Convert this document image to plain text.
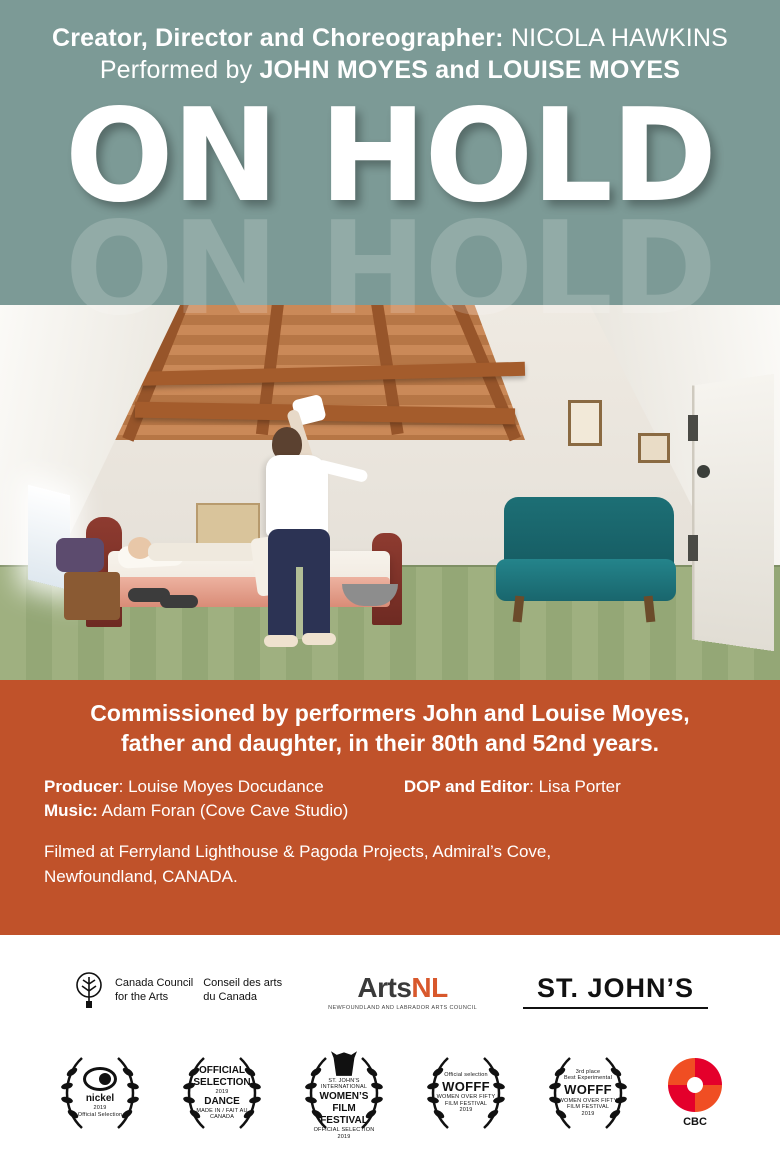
Creator, Director and Choreographer: NICOLA HAWKINS
Performed by JOHN MOYES and LOUISE MOYES
ON HOLD
Commissioned by performers John and Louise Moyes,
father and daughter, in their 80th and 52nd years.
Producer: Louise Moyes Docudance
Music: Adam Foran (Cove Cave Studio)
DOP and Editor: Lisa Porter
Filmed at Ferryland Lighthouse & Pagoda Projects, Admiral’s Cove,
Newfoundland, CANADA.
Canada Council
for the Arts
Conseil des arts
du Canada	ArtsNL
NEWFOUNDLAND AND LABRADOR ARTS COUNCIL
ST. JOHN’S
nickel
2019
Official Selection
OFFICIAL
SELECTION
2019
DANCE
MADE IN / FAIT AU CANADA
ST. JOHN’S INTERNATIONAL
WOMEN’S
FILM FESTIVAL
OFFICIAL SELECTION
2019
Official selection
WOFFF
WOMEN OVER FIFTY FILM FESTIVAL
2019
3rd place
Best Experimental
WOFFF
WOMEN OVER FIFTY FILM FESTIVAL
2019
CBC
